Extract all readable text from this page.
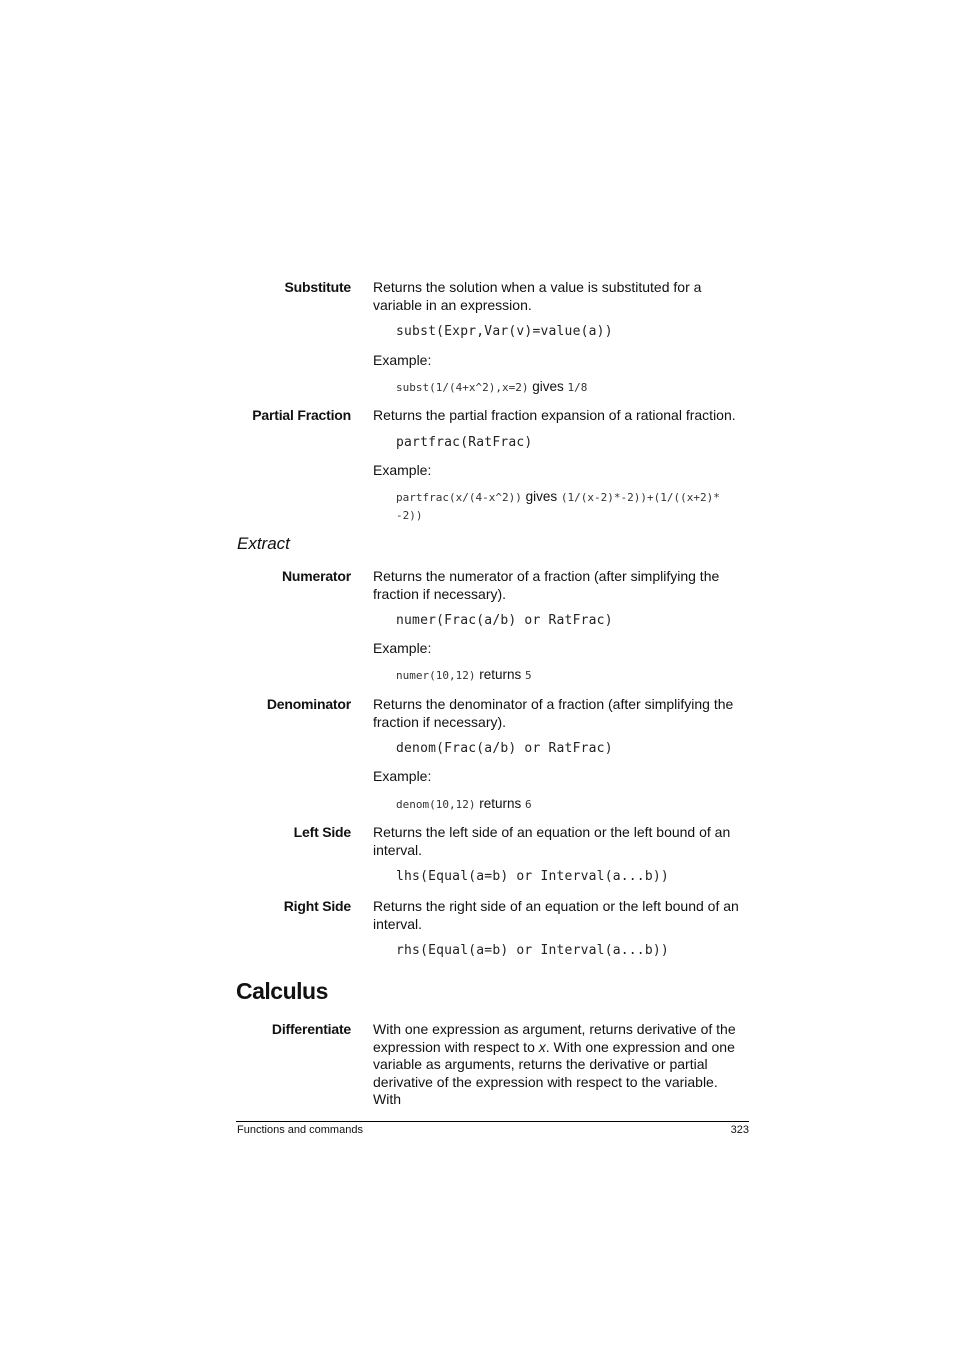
Substitute Returns the solution when a value is substituted for a variable in an expression.
subst(Expr,Var(v)=value(a))
Example:
subst(1/(4+x^2),x=2) gives 1/8
Partial Fraction Returns the partial fraction expansion of a rational fraction.
partfrac(RatFrac)
Example:
partfrac(x/(4-x^2)) gives (1/(x-2)*-2))+(1/((x+2)*-2))
Extract
Numerator Returns the numerator of a fraction (after simplifying the fraction if necessary).
numer(Frac(a/b) or RatFrac)
Example:
numer(10,12) returns 5
Denominator Returns the denominator of a fraction (after simplifying the fraction if necessary).
denom(Frac(a/b) or RatFrac)
Example:
denom(10,12) returns 6
Left Side Returns the left side of an equation or the left bound of an interval.
lhs(Equal(a=b) or Interval(a...b))
Right Side Returns the right side of an equation or the left bound of an interval.
rhs(Equal(a=b) or Interval(a...b))
Calculus
Differentiate With one expression as argument, returns derivative of the expression with respect to x. With one expression and one variable as arguments, returns the derivative or partial derivative of the expression with respect to the variable. With
Functions and commands	323
